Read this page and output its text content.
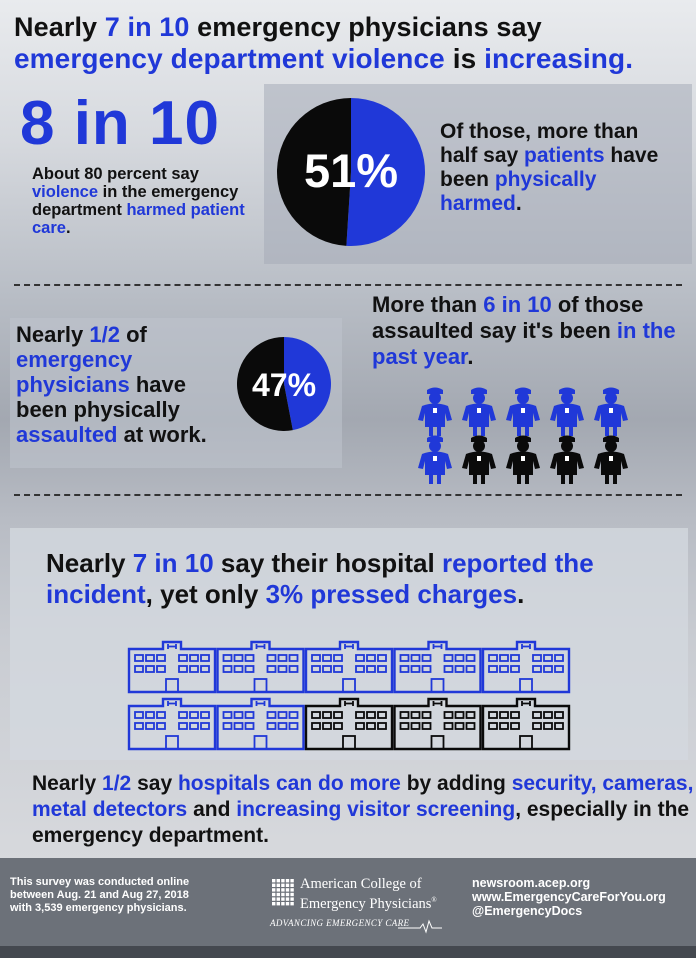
Nearly 7 in 10 emergency physicians say
emergency department violence is increasing.
8 in 10
About 80 percent say violence in the emergency department harmed patient care.
51%
Of those, more than half say patients have been physically harmed.
Nearly 1/2 of emergency physicians have been physically assaulted at work.
47%
More than 6 in 10 of those assaulted say it's been in the past year.
Nearly 7 in 10 say their hospital reported the incident, yet only 3% pressed charges.
Nearly 1/2 say hospitals can do more by adding security, cameras, metal detectors and increasing visitor screening, especially in the emergency department.
This survey was conducted online
between Aug. 21 and Aug 27, 2018
with 3,539 emergency physicians.
American College of
Emergency Physicians®
ADVANCING EMERGENCY CARE
newsroom.acep.org
www.EmergencyCareForYou.org
@EmergencyDocs
